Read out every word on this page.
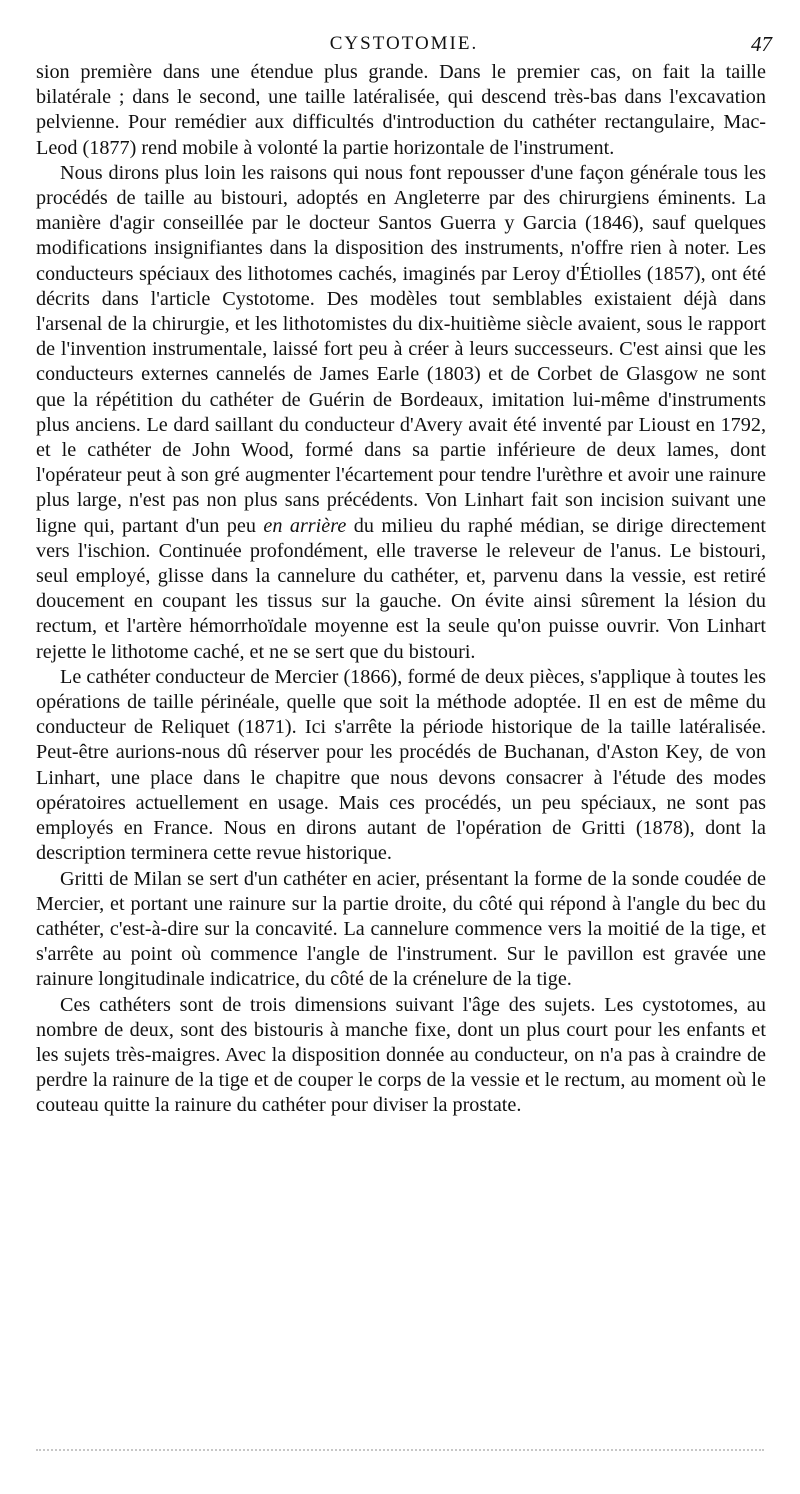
CYSTOTOMIE.	47

sion première dans une étendue plus grande. Dans le premier cas, on fait la taille bilatérale ; dans le second, une taille latéralisée, qui descend très-bas dans l'excavation pelvienne. Pour remédier aux difficultés d'introduction du cathéter rectangulaire, Mac-Leod (1877) rend mobile à volonté la partie horizontale de l'instrument.

Nous dirons plus loin les raisons qui nous font repousser d'une façon générale tous les procédés de taille au bistouri, adoptés en Angleterre par des chirurgiens éminents. La manière d'agir conseillée par le docteur Santos Guerra y Garcia (1846), sauf quelques modifications insignifiantes dans la disposition des instruments, n'offre rien à noter. Les conducteurs spéciaux des lithotomes cachés, imaginés par Leroy d'Étiolles (1857), ont été décrits dans l'article Cystotome. Des modèles tout semblables existaient déjà dans l'arsenal de la chirurgie, et les lithotomistes du dix-huitième siècle avaient, sous le rapport de l'invention instrumentale, laissé fort peu à créer à leurs successeurs. C'est ainsi que les conducteurs externes cannelés de James Earle (1803) et de Corbet de Glasgow ne sont que la répétition du cathéter de Guérin de Bordeaux, imitation lui-même d'instruments plus anciens. Le dard saillant du conducteur d'Avery avait été inventé par Lioust en 1792, et le cathéter de John Wood, formé dans sa partie inférieure de deux lames, dont l'opérateur peut à son gré augmenter l'écartement pour tendre l'urèthre et avoir une rainure plus large, n'est pas non plus sans précédents. Von Linhart fait son incision suivant une ligne qui, partant d'un peu en arrière du milieu du raphé médian, se dirige directement vers l'ischion. Continuée profondément, elle traverse le releveur de l'anus. Le bistouri, seul employé, glisse dans la cannelure du cathéter, et, parvenu dans la vessie, est retiré doucement en coupant les tissus sur la gauche. On évite ainsi sûrement la lésion du rectum, et l'artère hémorrhoïdale moyenne est la seule qu'on puisse ouvrir. Von Linhart rejette le lithotome caché, et ne se sert que du bistouri.

Le cathéter conducteur de Mercier (1866), formé de deux pièces, s'applique à toutes les opérations de taille périnéale, quelle que soit la méthode adoptée. Il en est de même du conducteur de Reliquet (1871). Ici s'arrête la période historique de la taille latéralisée. Peut-être aurions-nous dû réserver pour les procédés de Buchanan, d'Aston Key, de von Linhart, une place dans le chapitre que nous devons consacrer à l'étude des modes opératoires actuellement en usage. Mais ces procédés, un peu spéciaux, ne sont pas employés en France. Nous en dirons autant de l'opération de Gritti (1878), dont la description terminera cette revue historique.

Gritti de Milan se sert d'un cathéter en acier, présentant la forme de la sonde coudée de Mercier, et portant une rainure sur la partie droite, du côté qui répond à l'angle du bec du cathéter, c'est-à-dire sur la concavité. La cannelure commence vers la moitié de la tige, et s'arrête au point où commence l'angle de l'instrument. Sur le pavillon est gravée une rainure longitudinale indicatrice, du côté de la crénelure de la tige.

Ces cathéters sont de trois dimensions suivant l'âge des sujets. Les cystotomes, au nombre de deux, sont des bistouris à manche fixe, dont un plus court pour les enfants et les sujets très-maigres. Avec la disposition donnée au conducteur, on n'a pas à craindre de perdre la rainure de la tige et de couper le corps de la vessie et le rectum, au moment où le couteau quitte la rainure du cathéter pour diviser la prostate.
